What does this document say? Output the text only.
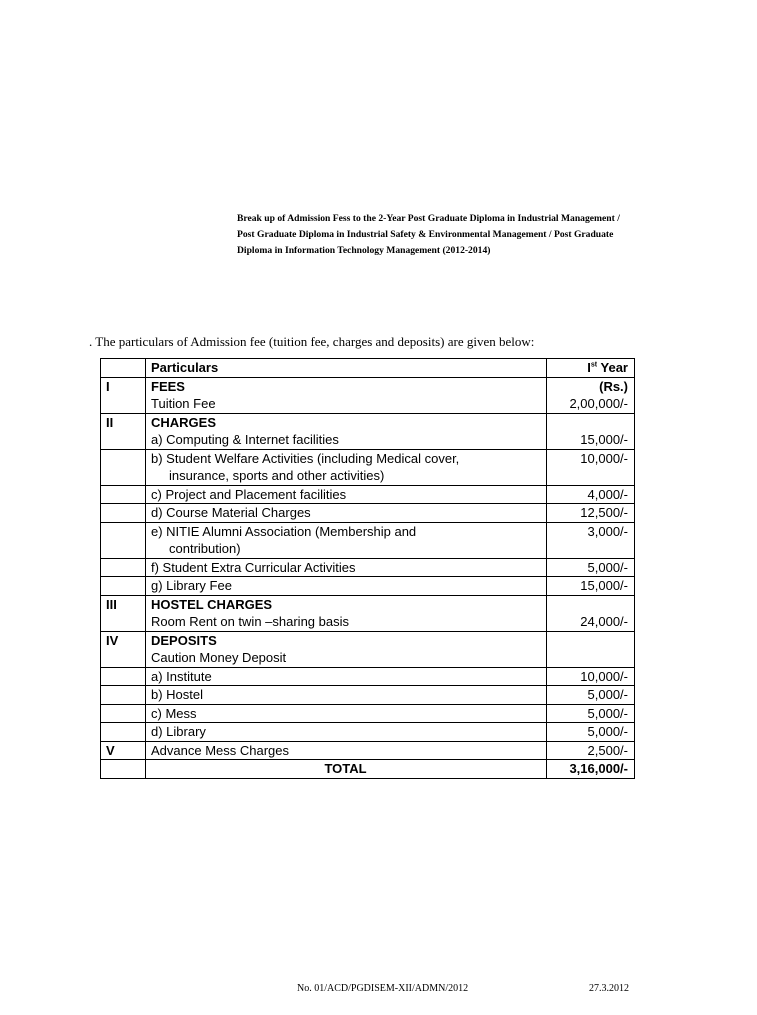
Break up of Admission Fess to the 2-Year Post Graduate Diploma in Industrial Management /
Post Graduate Diploma in Industrial Safety & Environmental Management / Post Graduate
Diploma in Information Technology Management (2012-2014)
. The particulars of Admission fee (tuition fee, charges and deposits) are given below:
	Particulars	Ist Year
I	FEES	(Rs.)
	Tuition Fee	2,00,000/-
II	CHARGES	
	a) Computing & Internet facilities	15,000/-
	b) Student Welfare Activities (including Medical cover,	10,000/-
	insurance, sports and other activities)	
	c) Project and Placement facilities	4,000/-
	d) Course Material Charges	12,500/-
	e) NITIE Alumni Association (Membership and	3,000/-
	contribution)	
	f) Student Extra Curricular Activities	5,000/-
	g) Library Fee	15,000/-
III	HOSTEL CHARGES	
	Room Rent on twin –sharing basis	24,000/-
IV	DEPOSITS	
	Caution Money Deposit	
	a) Institute	10,000/-
	b) Hostel	5,000/-
	c) Mess	5,000/-
	d) Library	5,000/-
V	Advance Mess Charges	2,500/-

	TOTAL	3,16,000/-
No. 01/ACD/PGDISEM-XII/ADMN/2012	27.3.2012
